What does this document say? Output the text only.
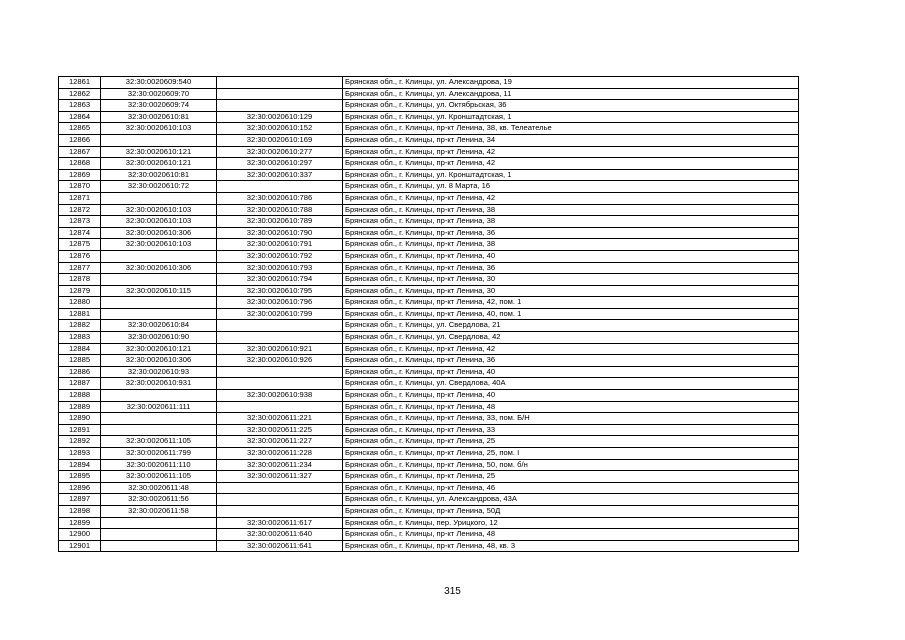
12861	32:30:0020609:540		Брянская обл., г. Клинцы, ул. Александрова, 19
12862	32:30:0020609:70		Брянская обл., г. Клинцы, ул. Александрова, 11
12863	32:30:0020609:74		Брянская обл., г. Клинцы, ул. Октябрьская, 36
12864	32:30:0020610:81	32:30:0020610:129	Брянская обл., г. Клинцы, ул. Кронштадтская, 1
12865	32:30:0020610:103	32:30:0020610:152	Брянская обл., г. Клинцы, пр-кт Ленина, 38, кв. Телеателье
12866		32:30:0020610:169	Брянская обл., г. Клинцы, пр-кт Ленина, 34
12867	32:30:0020610:121	32:30:0020610:277	Брянская обл., г. Клинцы, пр-кт Ленина, 42
12868	32:30:0020610:121	32:30:0020610:297	Брянская обл., г. Клинцы, пр-кт Ленина, 42
12869	32:30:0020610:81	32:30:0020610:337	Брянская обл., г. Клинцы, ул. Кронштадтская, 1
12870	32:30:0020610:72		Брянская обл., г. Клинцы, ул. 8 Марта, 16
12871		32:30:0020610:786	Брянская обл., г. Клинцы, пр-кт Ленина, 42
12872	32:30:0020610:103	32:30:0020610:788	Брянская обл., г. Клинцы, пр-кт Ленина, 38
12873	32:30:0020610:103	32:30:0020610:789	Брянская обл., г. Клинцы, пр-кт Ленина, 38
12874	32:30:0020610:306	32:30:0020610:790	Брянская обл., г. Клинцы, пр-кт Ленина, 36
12875	32:30:0020610:103	32:30:0020610:791	Брянская обл., г. Клинцы, пр-кт Ленина, 38
12876		32:30:0020610:792	Брянская обл., г. Клинцы, пр-кт Ленина, 40
12877	32:30:0020610:306	32:30:0020610:793	Брянская обл., г. Клинцы, пр-кт Ленина, 36
12878		32:30:0020610:794	Брянская обл., г. Клинцы, пр-кт Ленина, 30
12879	32:30:0020610:115	32:30:0020610:795	Брянская обл., г. Клинцы, пр-кт Ленина, 30
12880		32:30:0020610:796	Брянская обл., г. Клинцы, пр-кт Ленина, 42, пом. 1
12881		32:30:0020610:799	Брянская обл., г. Клинцы, пр-кт Ленина, 40, пом. 1
12882	32:30:0020610:84		Брянская обл., г. Клинцы, ул. Свердлова, 21
12883	32:30:0020610:90		Брянская обл., г. Клинцы, ул. Свердлова, 42
12884	32:30:0020610:121	32:30:0020610:921	Брянская обл., г. Клинцы, пр-кт Ленина, 42
12885	32:30:0020610:306	32:30:0020610:926	Брянская обл., г. Клинцы, пр-кт Ленина, 36
12886	32:30:0020610:93		Брянская обл., г. Клинцы, пр-кт Ленина, 40
12887	32:30:0020610:931		Брянская обл., г. Клинцы, ул. Свердлова, 40А
12888		32:30:0020610:938	Брянская обл., г. Клинцы, пр-кт Ленина, 40
12889	32:30:0020611:111		Брянская обл., г. Клинцы, пр-кт Ленина, 48
12890		32:30:0020611:221	Брянская обл., г. Клинцы, пр-кт Ленина, 33, пом. Б/Н
12891		32:30:0020611:225	Брянская обл., г. Клинцы, пр-кт Ленина, 33
12892	32:30:0020611:105	32:30:0020611:227	Брянская обл., г. Клинцы, пр-кт Ленина, 25
12893	32:30:0020611:799	32:30:0020611:228	Брянская обл., г. Клинцы, пр-кт Ленина, 25, пом. I
12894	32:30:0020611:110	32:30:0020611:234	Брянская обл., г. Клинцы, пр-кт Ленина, 50, пом. б/н
12895	32:30:0020611:105	32:30:0020611:327	Брянская обл., г. Клинцы, пр-кт Ленина, 25
12896	32:30:0020611:48		Брянская обл., г. Клинцы, пр-кт Ленина, 46
12897	32:30:0020611:56		Брянская обл., г. Клинцы, ул. Александрова, 43А
12898	32:30:0020611:58		Брянская обл., г. Клинцы, пр-кт Ленина, 50Д
12899		32:30:0020611:617	Брянская обл., г. Клинцы, пер. Урицкого, 12
12900		32:30:0020611:640	Брянская обл., г. Клинцы, пр-кт Ленина, 48
12901		32:30:0020611:641	Брянская обл., г. Клинцы, пр-кт Ленина, 48, кв. 3
315
